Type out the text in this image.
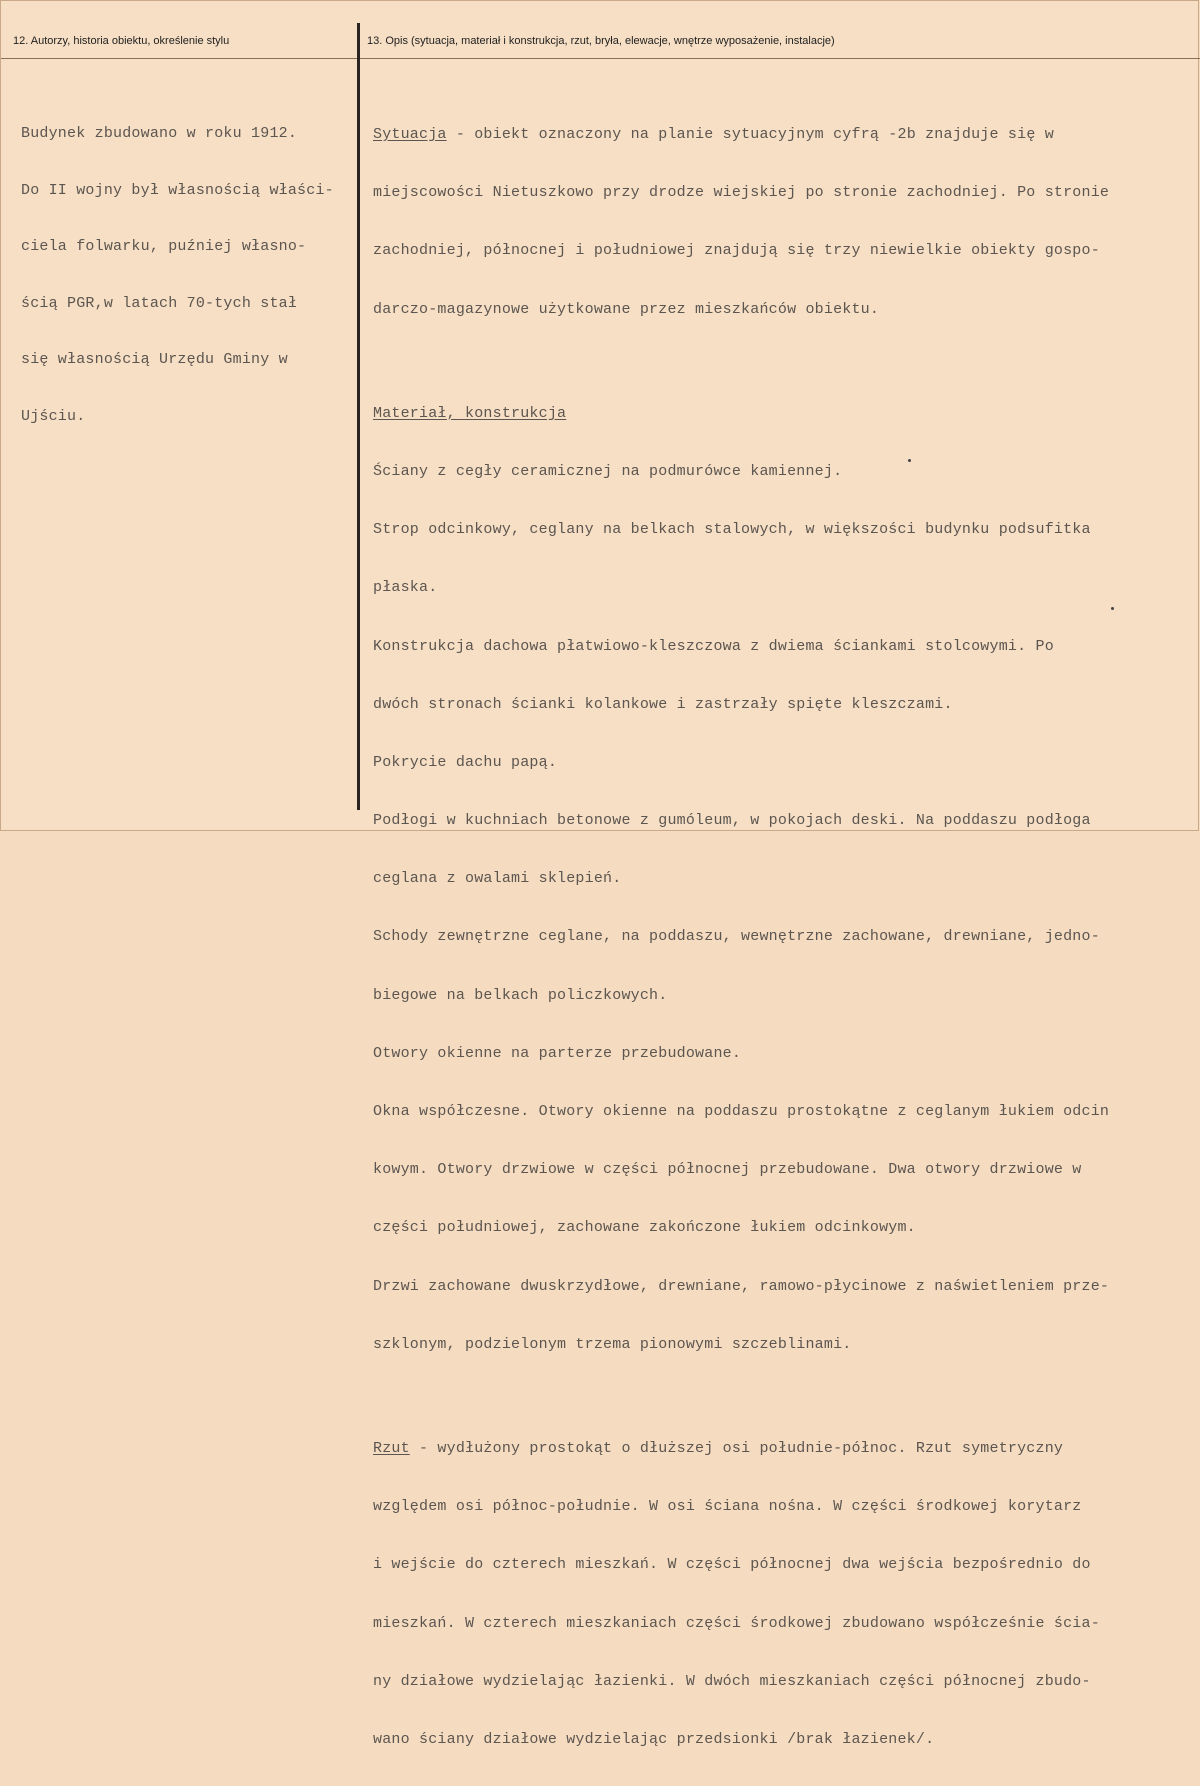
12. Autorzy, historia obiektu, określenie stylu	13. Opis (sytuacja, materiał i konstrukcja, rzut, bryła, elewacje, wnętrze wyposażenie, instalacje)

Budynek zbudowano w roku 1912.

Do II wojny był własnością właści-

ciela folwarku, puźniej własno-

ścią PGR,w latach 70-tych stał

się własnością Urzędu Gminy w

Ujściu.

Sytuacja - obiekt oznaczony na planie sytuacyjnym cyfrą -2b znajduje się w

miejscowości Nietuszkowo przy drodze wiejskiej po stronie zachodniej. Po stronie

zachodniej, północnej i południowej znajdują się trzy niewielkie obiekty gospo-

darczo-magazynowe użytkowane przez mieszkańców obiektu.

Materiał, konstrukcja

Ściany z cegły ceramicznej na podmurówce kamiennej.

Strop odcinkowy, ceglany na belkach stalowych, w większości budynku podsufitka

płaska.

Konstrukcja dachowa płatwiowo-kleszczowa z dwiema ściankami stolcowymi. Po

dwóch stronach ścianki kolankowe i zastrzały spięte kleszczami.

Pokrycie dachu papą.

Podłogi w kuchniach betonowe z gumóleum, w pokojach deski. Na poddaszu podłoga

ceglana z owalami sklepień.

Schody zewnętrzne ceglane, na poddaszu, wewnętrzne zachowane, drewniane, jedno-

biegowe na belkach policzkowych.

Otwory okienne na parterze przebudowane.

Okna współczesne. Otwory okienne na poddaszu prostokątne z ceglanym łukiem odcin

kowym. Otwory drzwiowe w części północnej przebudowane. Dwa otwory drzwiowe w

części południowej, zachowane zakończone łukiem odcinkowym.

Drzwi zachowane dwuskrzydłowe, drewniane, ramowo-płycinowe z naświetleniem prze-

szklonym, podzielonym trzema pionowymi szczeblinami.

Rzut - wydłużony prostokąt o dłuższej osi południe-północ. Rzut symetryczny

względem osi północ-południe. W osi ściana nośna. W części środkowej korytarz

i wejście do czterech mieszkań. W części północnej dwa wejścia bezpośrednio do

mieszkań. W czterech mieszkaniach części środkowej zbudowano współcześnie ścia-

ny działowe wydzielając łazienki. W dwóch mieszkaniach części północnej zbudo-

wano ściany działowe wydzielając przedsionki /brak łazienek/.
